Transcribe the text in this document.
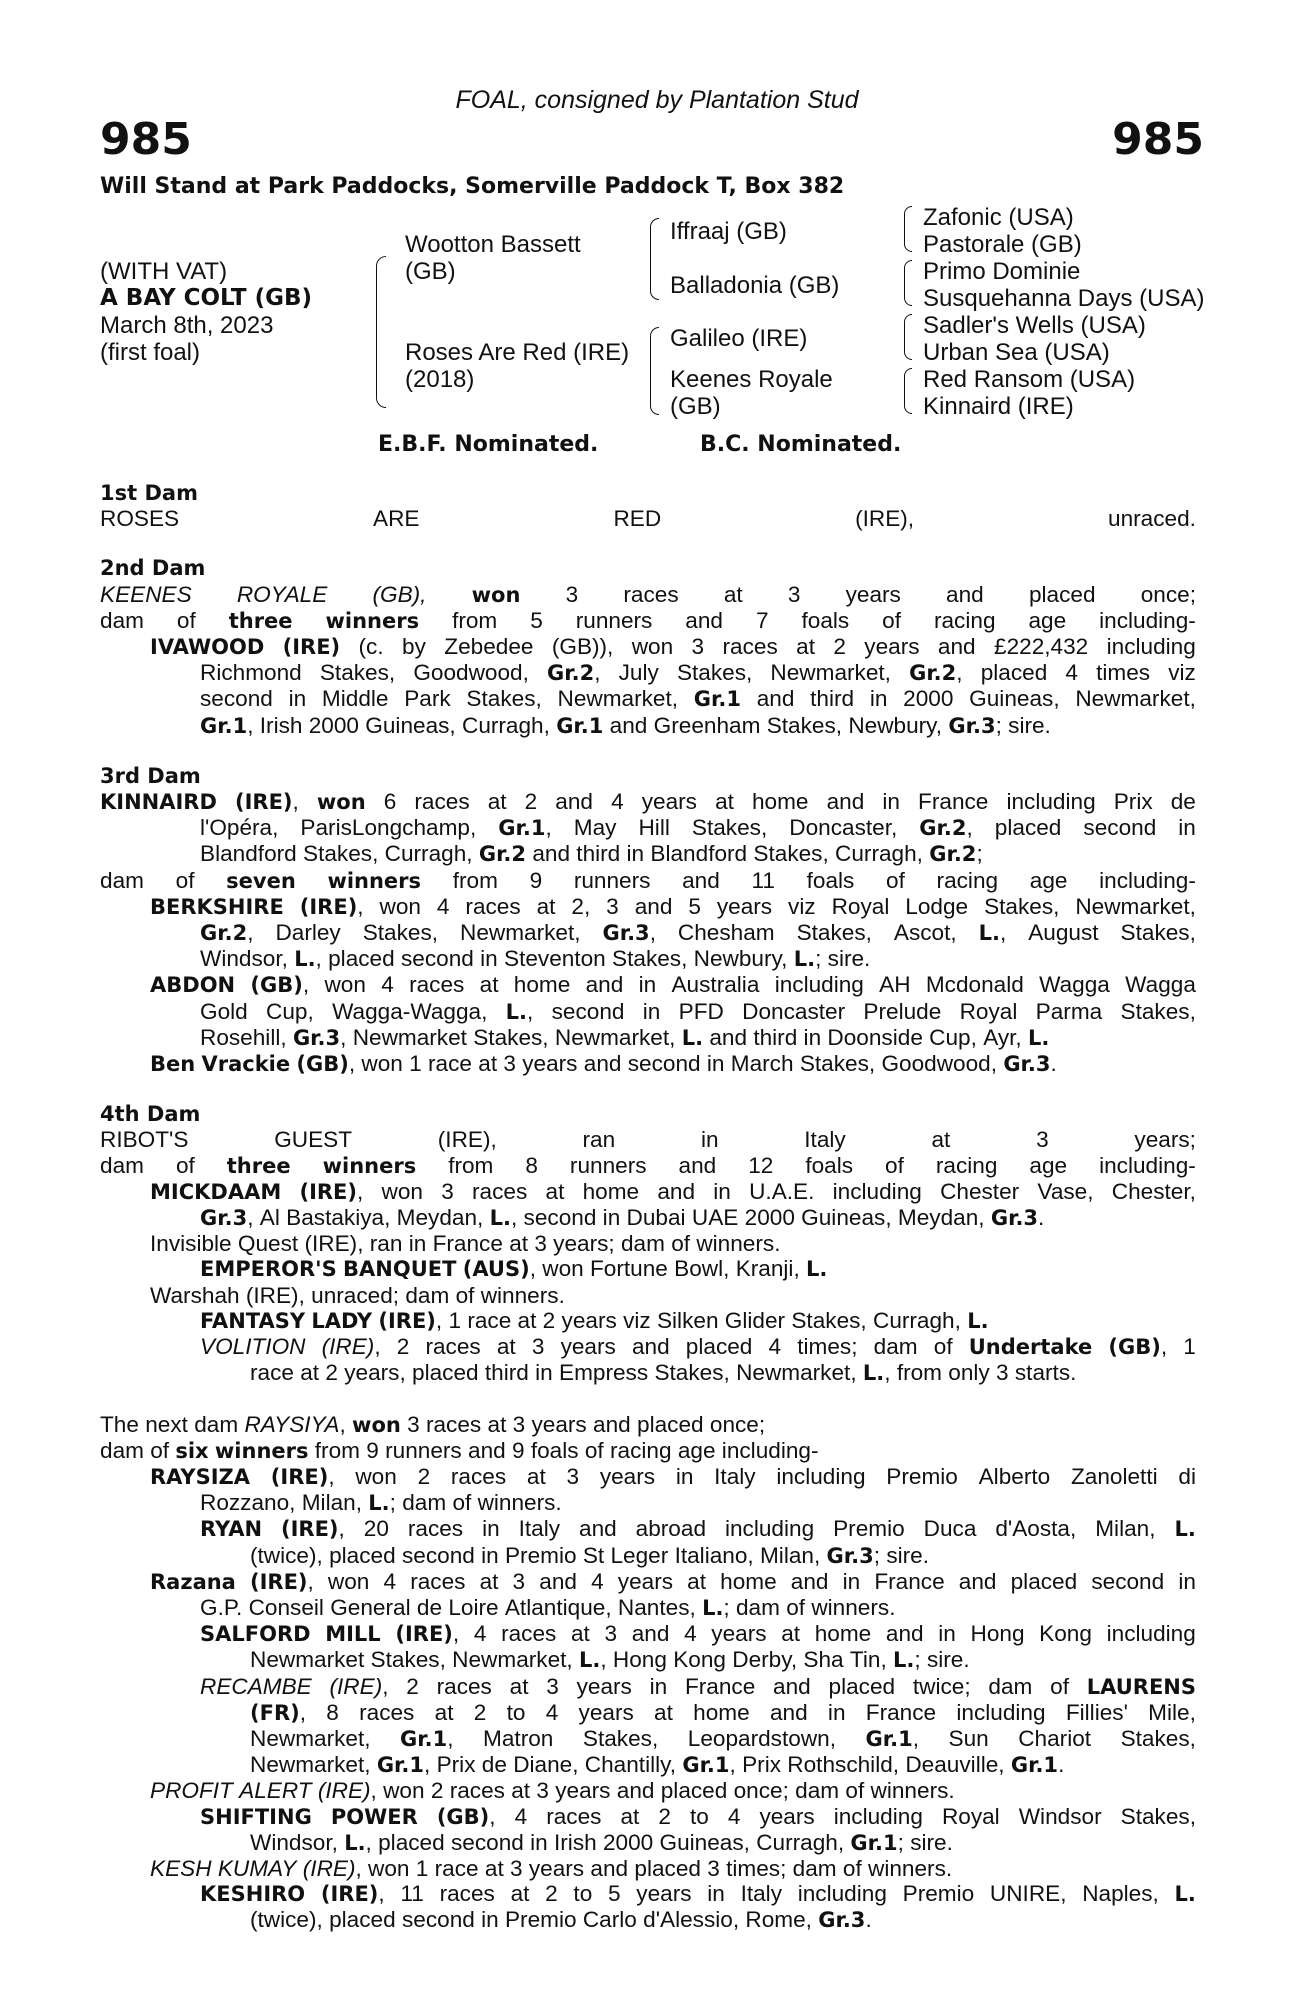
FOAL, consigned by Plantation Stud
985	985
Will Stand at Park Paddocks, Somerville Paddock T, Box 382
(WITH VAT)
A BAY COLT (GB)
March 8th, 2023
(first foal)
Wootton Bassett
(GB)
Roses Are Red (IRE)
(2018)
Iffraaj (GB)
Balladonia (GB)
Galileo (IRE)
Keenes Royale
(GB)
Zafonic (USA)
Pastorale (GB)
Primo Dominie
Susquehanna Days (USA)
Sadler's Wells (USA)
Urban Sea (USA)
Red Ransom (USA)
Kinnaird (IRE)
E.B.F. Nominated.	B.C. Nominated.
1st Dam
ROSES	ARE	RED	(IRE),	unraced.
2nd Dam
KEENES ROYALE (GB), won 3 races at 3 years and placed once;
dam of three winners from 5 runners and 7 foals of racing age including-
IVAWOOD (IRE) (c. by Zebedee (GB)), won 3 races at 2 years and £222,432 including
Richmond Stakes, Goodwood, Gr.2, July Stakes, Newmarket, Gr.2, placed 4 times viz
second in Middle Park Stakes, Newmarket, Gr.1 and third in 2000 Guineas, Newmarket,
Gr.1, Irish 2000 Guineas, Curragh, Gr.1 and Greenham Stakes, Newbury, Gr.3; sire.
3rd Dam
KINNAIRD (IRE), won 6 races at 2 and 4 years at home and in France including Prix de
l'Opéra, ParisLongchamp, Gr.1, May Hill Stakes, Doncaster, Gr.2, placed second in
Blandford Stakes, Curragh, Gr.2 and third in Blandford Stakes, Curragh, Gr.2;
dam of seven winners from 9 runners and 11 foals of racing age including-
BERKSHIRE (IRE), won 4 races at 2, 3 and 5 years viz Royal Lodge Stakes, Newmarket,
Gr.2, Darley Stakes, Newmarket, Gr.3, Chesham Stakes, Ascot, L., August Stakes,
Windsor, L., placed second in Steventon Stakes, Newbury, L.; sire.
ABDON (GB), won 4 races at home and in Australia including AH Mcdonald Wagga Wagga
Gold Cup, Wagga-Wagga, L., second in PFD Doncaster Prelude Royal Parma Stakes,
Rosehill, Gr.3, Newmarket Stakes, Newmarket, L. and third in Doonside Cup, Ayr, L.
Ben Vrackie (GB), won 1 race at 3 years and second in March Stakes, Goodwood, Gr.3.
4th Dam
RIBOT'S	GUEST	(IRE),	ran	in	Italy	at	3	years;
dam of three winners from 8 runners and 12 foals of racing age including-
MICKDAAM (IRE), won 3 races at home and in U.A.E. including Chester Vase, Chester,
Gr.3, Al Bastakiya, Meydan, L., second in Dubai UAE 2000 Guineas, Meydan, Gr.3.
Invisible Quest (IRE), ran in France at 3 years; dam of winners.
EMPEROR'S BANQUET (AUS), won Fortune Bowl, Kranji, L.
Warshah (IRE), unraced; dam of winners.
FANTASY LADY (IRE), 1 race at 2 years viz Silken Glider Stakes, Curragh, L.
VOLITION (IRE), 2 races at 3 years and placed 4 times; dam of Undertake (GB), 1
race at 2 years, placed third in Empress Stakes, Newmarket, L., from only 3 starts.
The next dam RAYSIYA, won 3 races at 3 years and placed once;
dam of six winners from 9 runners and 9 foals of racing age including-
RAYSIZA (IRE), won 2 races at 3 years in Italy including Premio Alberto Zanoletti di
Rozzano, Milan, L.; dam of winners.
RYAN (IRE), 20 races in Italy and abroad including Premio Duca d'Aosta, Milan, L.
(twice), placed second in Premio St Leger Italiano, Milan, Gr.3; sire.
Razana (IRE), won 4 races at 3 and 4 years at home and in France and placed second in
G.P. Conseil General de Loire Atlantique, Nantes, L.; dam of winners.
SALFORD MILL (IRE), 4 races at 3 and 4 years at home and in Hong Kong including
Newmarket Stakes, Newmarket, L., Hong Kong Derby, Sha Tin, L.; sire.
RECAMBE (IRE), 2 races at 3 years in France and placed twice; dam of LAURENS
(FR), 8 races at 2 to 4 years at home and in France including Fillies' Mile,
Newmarket, Gr.1, Matron Stakes, Leopardstown, Gr.1, Sun Chariot Stakes,
Newmarket, Gr.1, Prix de Diane, Chantilly, Gr.1, Prix Rothschild, Deauville, Gr.1.
PROFIT ALERT (IRE), won 2 races at 3 years and placed once; dam of winners.
SHIFTING POWER (GB), 4 races at 2 to 4 years including Royal Windsor Stakes,
Windsor, L., placed second in Irish 2000 Guineas, Curragh, Gr.1; sire.
KESH KUMAY (IRE), won 1 race at 3 years and placed 3 times; dam of winners.
KESHIRO (IRE), 11 races at 2 to 5 years in Italy including Premio UNIRE, Naples, L.
(twice), placed second in Premio Carlo d'Alessio, Rome, Gr.3.
